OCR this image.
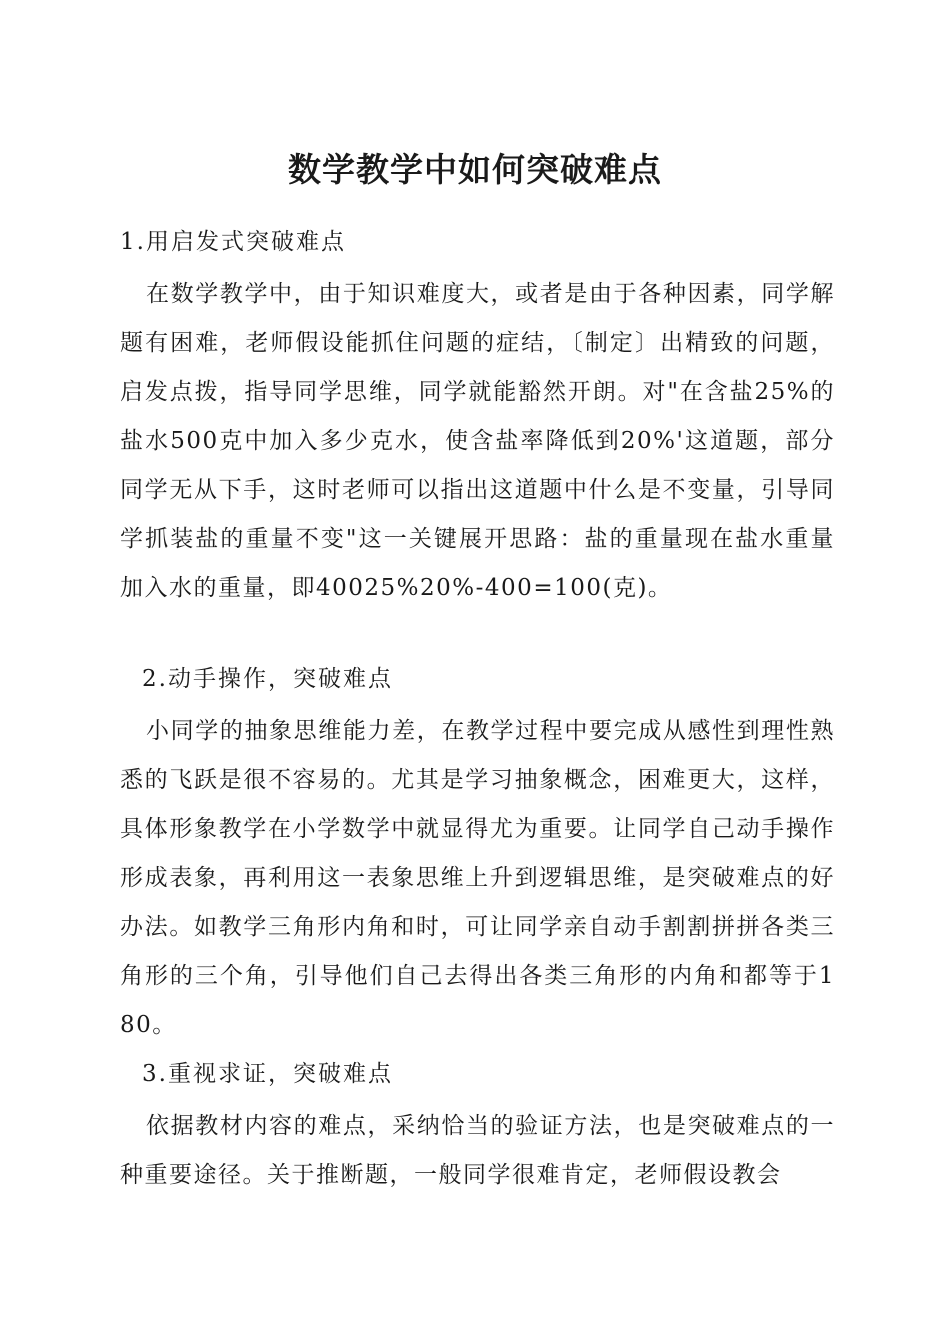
数学教学中如何突破难点
1.用启发式突破难点

在数学教学中，由于知识难度大，或者是由于各种因素，同学解题有困难，老师假设能抓住问题的症结，〔制定〕出精致的问题，启发点拨，指导同学思维，同学就能豁然开朗。对"在含盐25%的盐水500克中加入多少克水，使含盐率降低到20%'这道题，部分同学无从下手，这时老师可以指出这道题中什么是不变量，引导同学抓装盐的重量不变"这一关键展开思路：盐的重量现在盐水重量加入水的重量，即40025%20%-400=100(克)。

2.动手操作，突破难点

小同学的抽象思维能力差，在教学过程中要完成从感性到理性熟悉的飞跃是很不容易的。尤其是学习抽象概念，困难更大，这样，具体形象教学在小学数学中就显得尤为重要。让同学自己动手操作形成表象，再利用这一表象思维上升到逻辑思维，是突破难点的好办法。如教学三角形内角和时，可让同学亲自动手割割拼拼各类三角形的三个角，引导他们自己去得出各类三角形的内角和都等于180。

3.重视求证，突破难点

依据教材内容的难点，采纳恰当的验证方法，也是突破难点的一种重要途径。关于推断题，一般同学很难肯定，老师假设教会
